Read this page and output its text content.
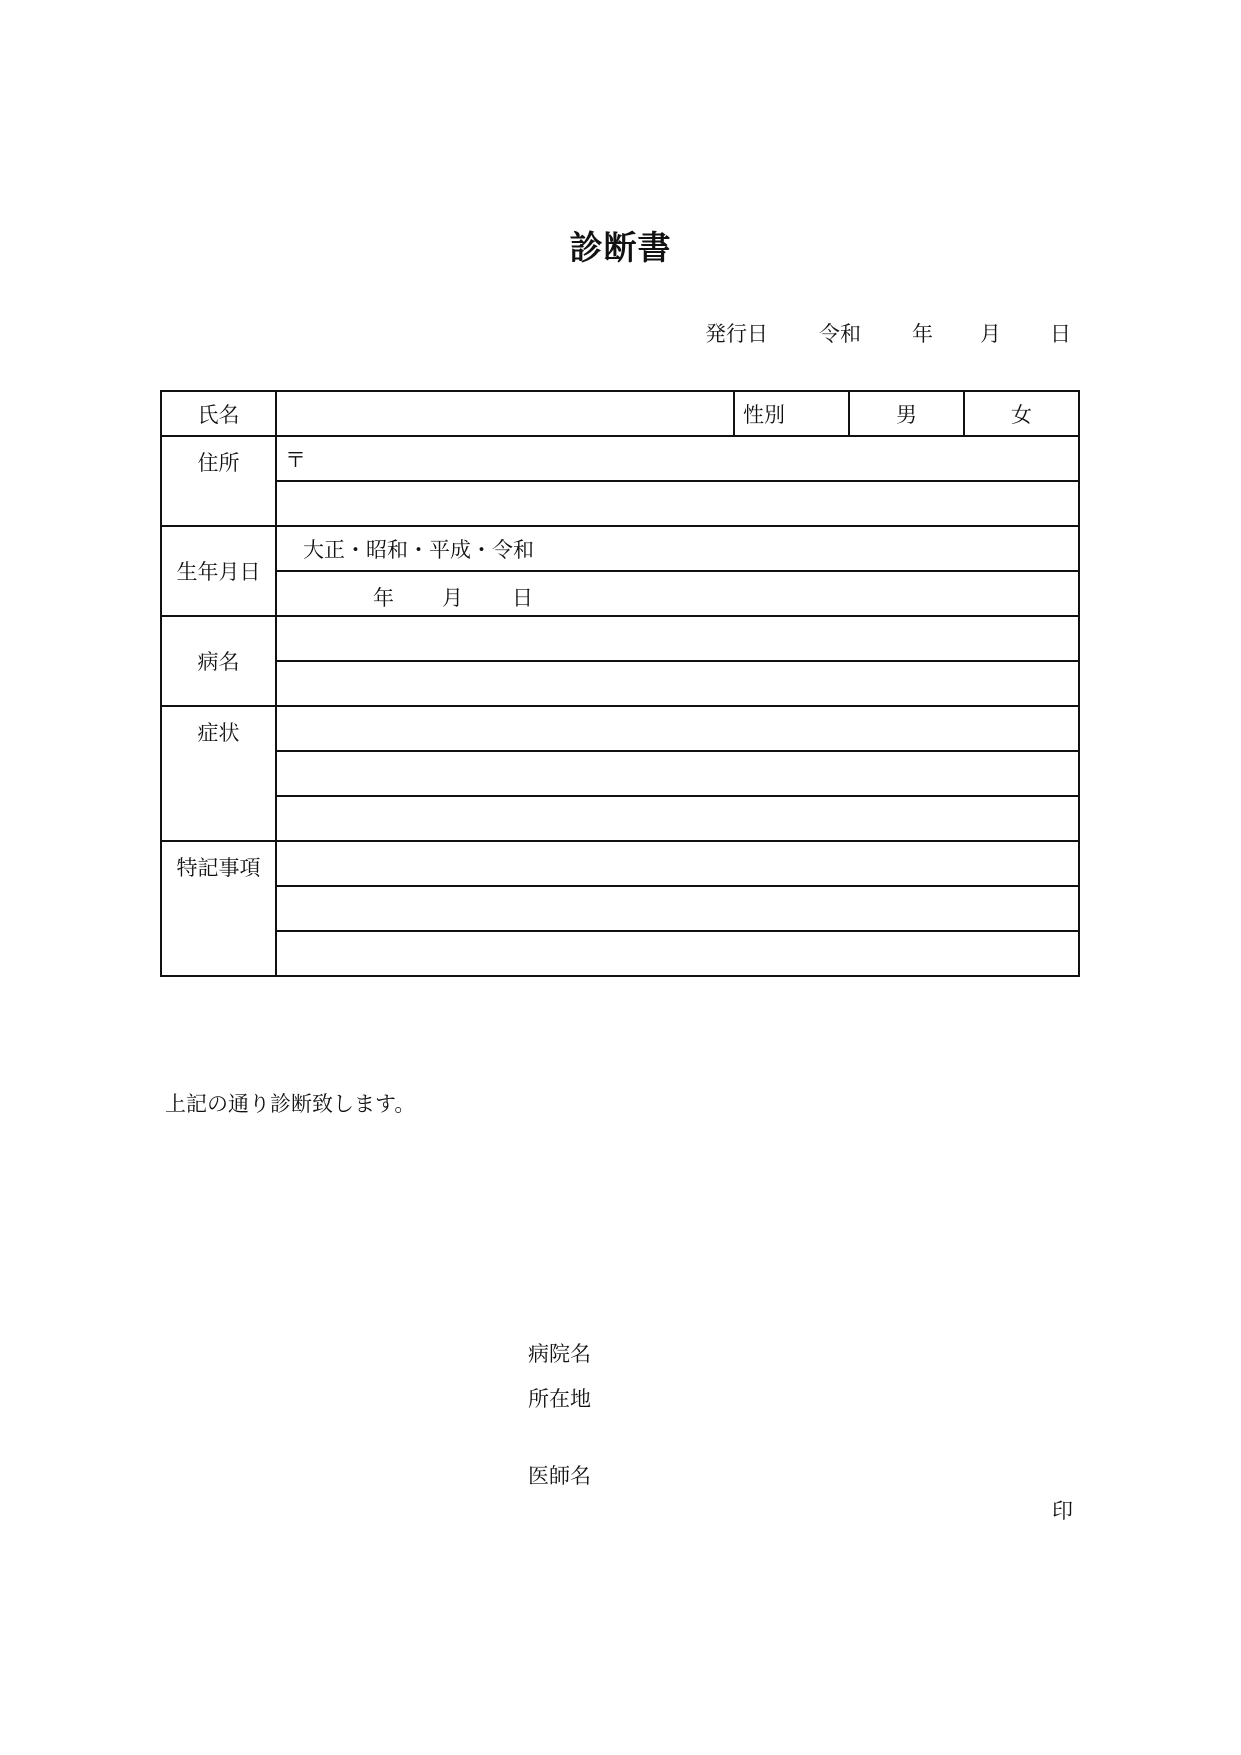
診断書
発行日 令和 年 月 日
氏名		性別	男	女
住所	〒			

生年月日	大正・昭和・平成・令和			

	年 月 日			

病名				

症状				

特記事項				

上記の通り診断致します。
病院名
所在地
医師名
印
